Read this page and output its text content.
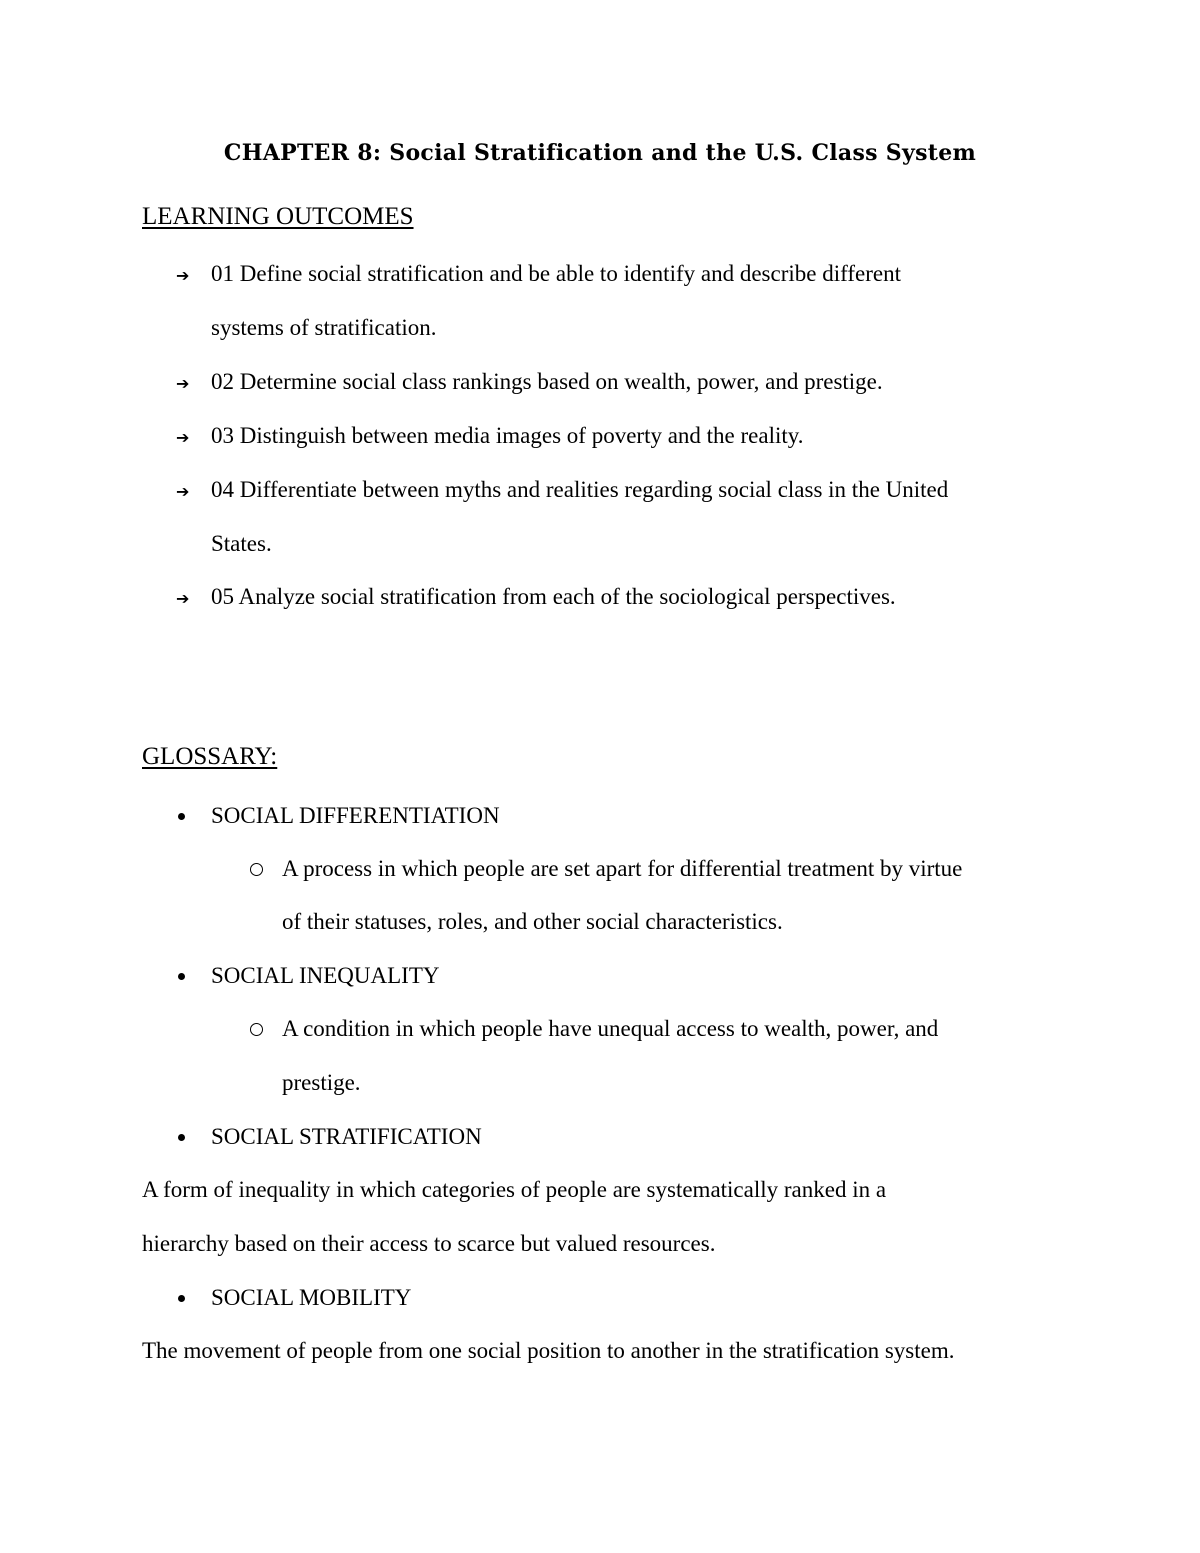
CHAPTER 8: Social Stratification and the U.S. Class System
LEARNING OUTCOMES
➔ 01 Define social stratification and be able to identify and describe different
systems of stratification.
➔ 02 Determine social class rankings based on wealth, power, and prestige.
➔ 03 Distinguish between media images of poverty and the reality.
➔ 04 Differentiate between myths and realities regarding social class in the United
States.
➔ 05 Analyze social stratification from each of the sociological perspectives.
GLOSSARY:
SOCIAL DIFFERENTIATION
A process in which people are set apart for differential treatment by virtue
of their statuses, roles, and other social characteristics.
SOCIAL INEQUALITY
A condition in which people have unequal access to wealth, power, and
prestige.
SOCIAL STRATIFICATION
A form of inequality in which categories of people are systematically ranked in a
hierarchy based on their access to scarce but valued resources.
SOCIAL MOBILITY
The movement of people from one social position to another in the stratification system.
